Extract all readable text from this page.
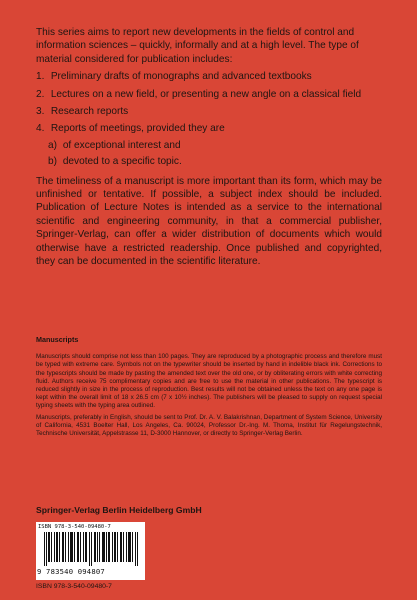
This series aims to report new developments in the fields of control and information sciences – quickly, informally and at a high level. The type of material considered for publication includes:

1. Preliminary drafts of monographs and advanced textbooks
2. Lectures on a new field, or presenting a new angle on a classical field
3. Research reports
4. Reports of meetings, provided they are
a) of exceptional interest and
b) devoted to a specific topic.

The timeliness of a manuscript is more important than its form, which may be unfinished or tentative. If possible, a subject index should be included. Publication of Lecture Notes is intended as a service to the international scientific and engineering community, in that a commercial publisher, Springer-Verlag, can offer a wider distribution of documents which would otherwise have a restricted readership. Once published and copyrighted, they can be documented in the scientific literature.

Manuscripts

Manuscripts should comprise not less than 100 pages. They are reproduced by a photographic process and therefore must be typed with extreme care. Symbols not on the typewriter should be inserted by hand in indelible black ink. Corrections to the typescripts should be made by pasting the amended text over the old one, or by obliterating errors with white correcting fluid. Authors receive 75 complimentary copies and are free to use the material in other publications. The typescript is reduced slightly in size in the process of reproduction. Best results will not be obtained unless the text on any one page is kept within the overall limit of 18 x 26.5 cm (7 x 10½ inches). The publishers will be pleased to supply on request special typing sheets with the typing area outlined.

Manuscripts, preferably in English, should be sent to Prof. Dr. A. V. Balakrishnan, Department of System Science, University of California, 4531 Boelter Hall, Los Angeles, Ca. 90024, Professor Dr.-Ing. M. Thoma, Institut für Regelungstechnik, Technische Universität, Appelstrasse 11, D-3000 Hannover, or directly to Springer-Verlag Berlin.

Springer-Verlag Berlin Heidelberg GmbH
ISBN 978-3-540-09480-7
9 783540 094807
ISBN 978-3-540-09480-7
